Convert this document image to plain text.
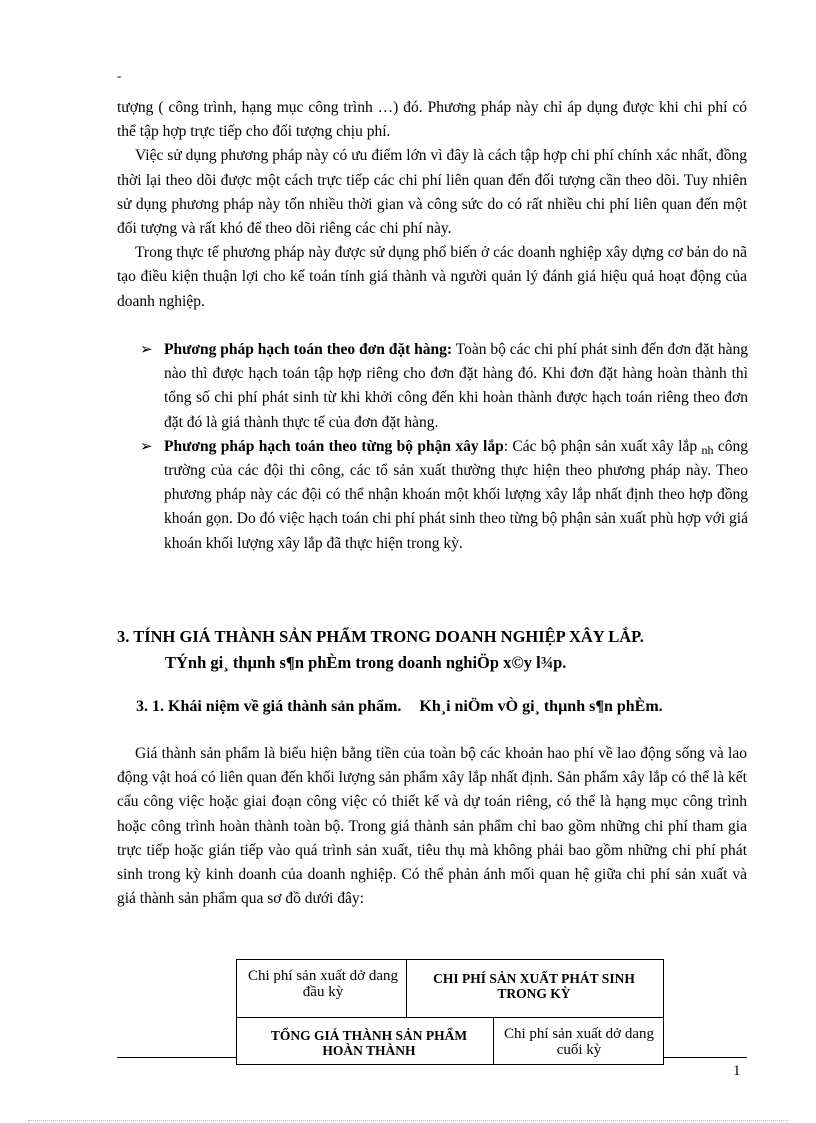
-

tượng ( công trình, hạng mục công trình …) đó. Phương pháp này chỉ áp dụng được khi chi phí có thể tập hợp trực tiếp cho đối tượng chịu phí.

Việc sử dụng phương pháp này có ưu điểm lớn vì đây là cách tập hợp chi phí chính xác nhất, đồng thời lại theo dõi được một cách trực tiếp các chi phí liên quan đến đối tượng cần theo dõi. Tuy nhiên sử dụng phương pháp này tốn nhiều thời gian và công sức do có rất nhiều chi phí liên quan đến một đối tượng và rất khó để theo dõi riêng các chi phí này.

Trong thực tế phương pháp này được sử dụng phổ biến ở các doanh nghiệp xây dựng cơ bản do nã tạo điều kiện thuận lợi cho kế toán tính giá thành và người quản lý đánh giá hiệu quả hoạt động của doanh nghiệp.

➢ Phương pháp hạch toán theo đơn đặt hàng: Toàn bộ các chi phí phát sinh đến đơn đặt hàng nào thì được hạch toán tập hợp riêng cho đơn đặt hàng đó. Khi đơn đặt hàng hoàn thành thì tổng số chi phí phát sinh từ khi khởi công đến khi hoàn thành được hạch toán riêng theo đơn đặt đó là giá thành thực tế của đơn đặt hàng.

➢ Phương pháp hạch toán theo từng bộ phận xây lắp: Các bộ phận sản xuất xây lắp nh công trường của các đội thi công, các tổ sản xuất thường thực hiện theo phương pháp này. Theo phương pháp này các đội có thể nhận khoán một khối lượng xây lắp nhất định theo hợp đồng khoán gọn. Do đó việc hạch toán chi phí phát sinh theo từng bộ phận sản xuất phù hợp với giá khoán khối lượng xây lắp đã thực hiện trong kỳ.

3. TÍNH GIÁ THÀNH SẢN PHẨM TRONG DOANH NGHIỆP XÂY LẮP.
TÝnh gi¸ thµnh s¶n phÈm trong doanh nghiÖp x©y l¾p.
3. 1. Khái niệm về giá thành sản phẩm. Kh¸i niÖm vÒ gi¸ thµnh s¶n phÈm.

Giá thành sản phẩm là biểu hiện bằng tiền của toàn bộ các khoản hao phí về lao động sống và lao động vật hoá có liên quan đến khối lượng sản phẩm xây lắp nhất định. Sản phẩm xây lắp có thể là kết cấu công việc hoặc giai đoạn công việc có thiết kế và dự toán riêng, có thể là hạng mục công trình hoặc công trình hoàn thành toàn bộ. Trong giá thành sản phẩm chỉ bao gồm những chi phí tham gia trực tiếp hoặc gián tiếp vào quá trình sản xuất, tiêu thụ mà không phải bao gồm những chi phí phát sinh trong kỳ kinh doanh của doanh nghiệp. Có thể phản ánh mối quan hệ giữa chi phí sản xuất và giá thành sản phẩm qua sơ đồ dưới đây:

Chi phí sản xuất dở dang đầu kỳ
CHI PHÍ SẢN XUẤT PHÁT SINH TRONG KỲ
TỔNG GIÁ THÀNH SẢN PHẨM HOÀN THÀNH
Chi phí sản xuất dở dang cuối kỳ
1
